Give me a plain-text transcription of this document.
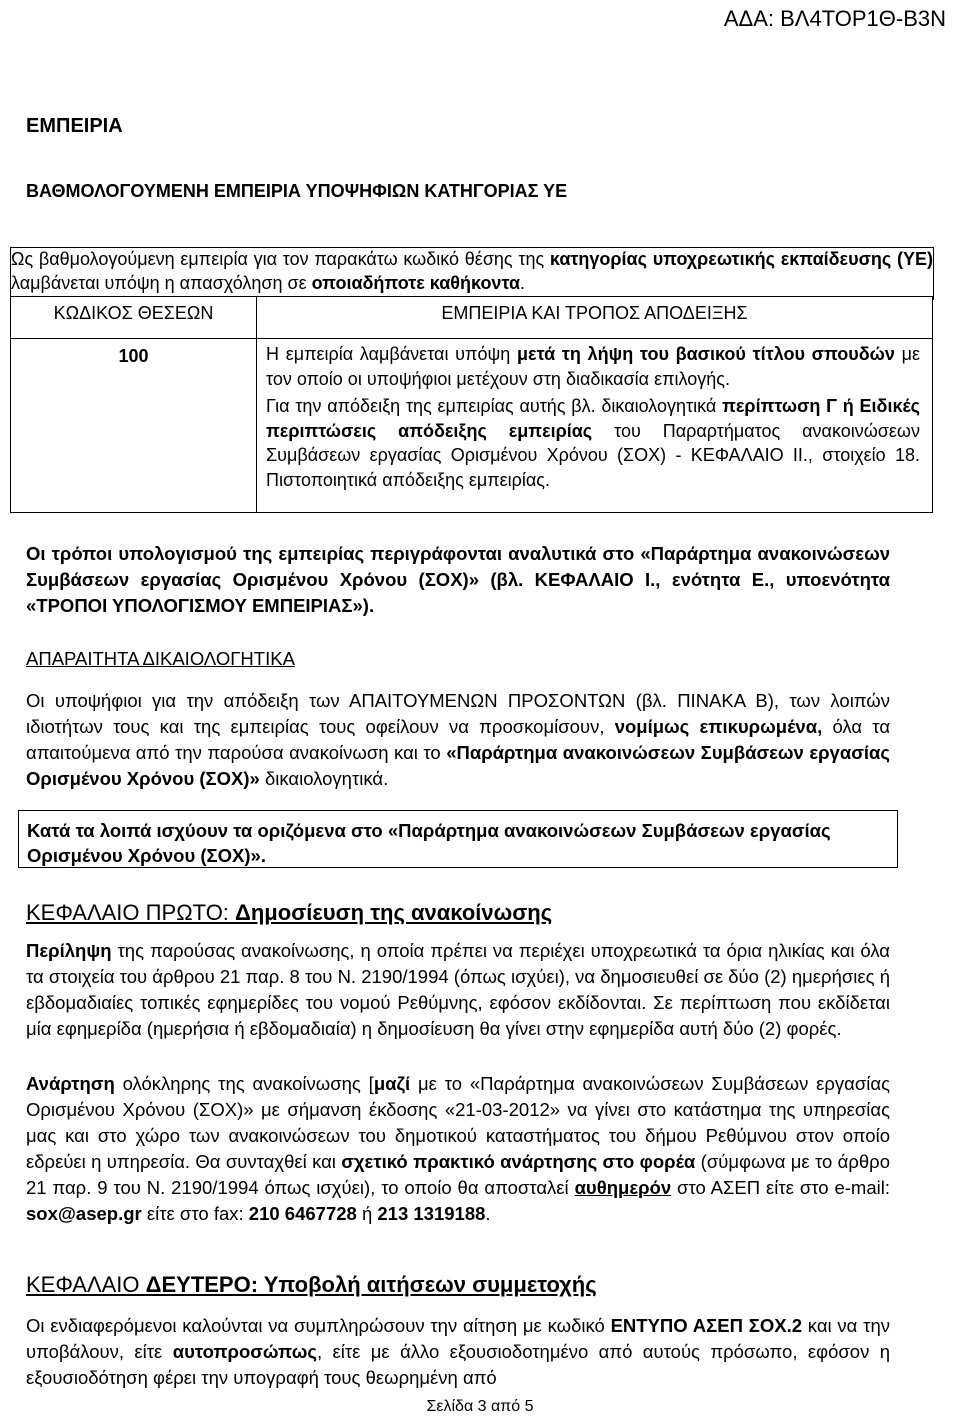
ΑΔΑ: ΒΛ4ΤΟΡ1Θ-Β3Ν
ΕΜΠΕΙΡΙΑ
ΒΑΘΜΟΛΟΓΟΥΜΕΝΗ ΕΜΠΕΙΡΙΑ ΥΠΟΨΗΦΙΩΝ ΚΑΤΗΓΟΡΙΑΣ ΥΕ
Ως βαθμολογούμενη εμπειρία για τον παρακάτω κωδικό θέσης της κατηγορίας υποχρεωτικής εκπαίδευσης (ΥΕ) λαμβάνεται υπόψη η απασχόληση σε οποιαδήποτε καθήκοντα.
ΚΩΔΙΚΟΣ ΘΕΣΕΩΝ	ΕΜΠΕΙΡΙΑ ΚΑΙ ΤΡΟΠΟΣ ΑΠΟΔΕΙΞΗΣ
100	Η εμπειρία λαμβάνεται υπόψη μετά τη λήψη του βασικού τίτλου σπουδών με τον οποίο οι υποψήφιοι μετέχουν στη διαδικασία επιλογής.

Για την απόδειξη της εμπειρίας αυτής βλ. δικαιολογητικά περίπτωση Γ ή Ειδικές περιπτώσεις απόδειξης εμπειρίας του Παραρτήματος ανακοινώσεων Συμβάσεων εργασίας Ορισμένου Χρόνου (ΣΟΧ) - ΚΕΦΑΛΑΙΟ ΙΙ., στοιχείο 18. Πιστοποιητικά απόδειξης εμπειρίας.

Οι τρόποι υπολογισμού της εμπειρίας περιγράφονται αναλυτικά στο «Παράρτημα ανακοινώσεων Συμβάσεων εργασίας Ορισμένου Χρόνου (ΣΟΧ)» (βλ. ΚΕΦΑΛΑΙΟ Ι., ενότητα Ε., υποενότητα «ΤΡΟΠΟΙ ΥΠΟΛΟΓΙΣΜΟΥ ΕΜΠΕΙΡΙΑΣ»).
ΑΠΑΡΑΙΤΗΤΑ ΔΙΚΑΙΟΛΟΓΗΤΙΚΑ
Οι υποψήφιοι για την απόδειξη των ΑΠΑΙΤΟΥΜΕΝΩΝ ΠΡΟΣΟΝΤΩΝ (βλ. ΠΙΝΑΚΑ Β), των λοιπών ιδιοτήτων τους και της εμπειρίας τους οφείλουν να προσκομίσουν, νομίμως επικυρωμένα, όλα τα απαιτούμενα από την παρούσα ανακοίνωση και το «Παράρτημα ανακοινώσεων Συμβάσεων εργασίας Ορισμένου Χρόνου (ΣΟΧ)» δικαιολογητικά.
Κατά τα λοιπά ισχύουν τα οριζόμενα στο «Παράρτημα ανακοινώσεων Συμβάσεων εργασίας Ορισμένου Χρόνου (ΣΟΧ)».
ΚΕΦΑΛΑΙΟ ΠΡΩΤΟ: Δημοσίευση της ανακοίνωσης
Περίληψη της παρούσας ανακοίνωσης, η οποία πρέπει να περιέχει υποχρεωτικά τα όρια ηλικίας και όλα τα στοιχεία του άρθρου 21 παρ. 8 του Ν. 2190/1994 (όπως ισχύει), να δημοσιευθεί σε δύο (2) ημερήσιες ή εβδομαδιαίες τοπικές εφημερίδες του νομού Ρεθύμνης, εφόσον εκδίδονται. Σε περίπτωση που εκδίδεται μία εφημερίδα (ημερήσια ή εβδομαδιαία) η δημοσίευση θα γίνει στην εφημερίδα αυτή δύο (2) φορές.
Ανάρτηση ολόκληρης της ανακοίνωσης [μαζί με το «Παράρτημα ανακοινώσεων Συμβάσεων εργασίας Ορισμένου Χρόνου (ΣΟΧ)» με σήμανση έκδοσης «21-03-2012» να γίνει στο κατάστημα της υπηρεσίας μας και στο χώρο των ανακοινώσεων του δημοτικού καταστήματος του δήμου Ρεθύμνου στον οποίο εδρεύει η υπηρεσία. Θα συνταχθεί και σχετικό πρακτικό ανάρτησης στο φορέα (σύμφωνα με το άρθρο 21 παρ. 9 του Ν. 2190/1994 όπως ισχύει), το οποίο θα αποσταλεί αυθημερόν στο ΑΣΕΠ είτε στο e-mail: sox@asep.gr είτε στο fax: 210 6467728 ή 213 1319188.
ΚΕΦΑΛΑΙΟ ΔΕΥΤΕΡΟ: Υποβολή αιτήσεων συμμετοχής
Οι ενδιαφερόμενοι καλούνται να συμπληρώσουν την αίτηση με κωδικό ΕΝΤΥΠΟ ΑΣΕΠ ΣΟΧ.2 και να την υποβάλουν, είτε αυτοπροσώπως, είτε με άλλο εξουσιοδοτημένο από αυτούς πρόσωπο, εφόσον η εξουσιοδότηση φέρει την υπογραφή τους θεωρημένη από
Σελίδα 3 από 5
